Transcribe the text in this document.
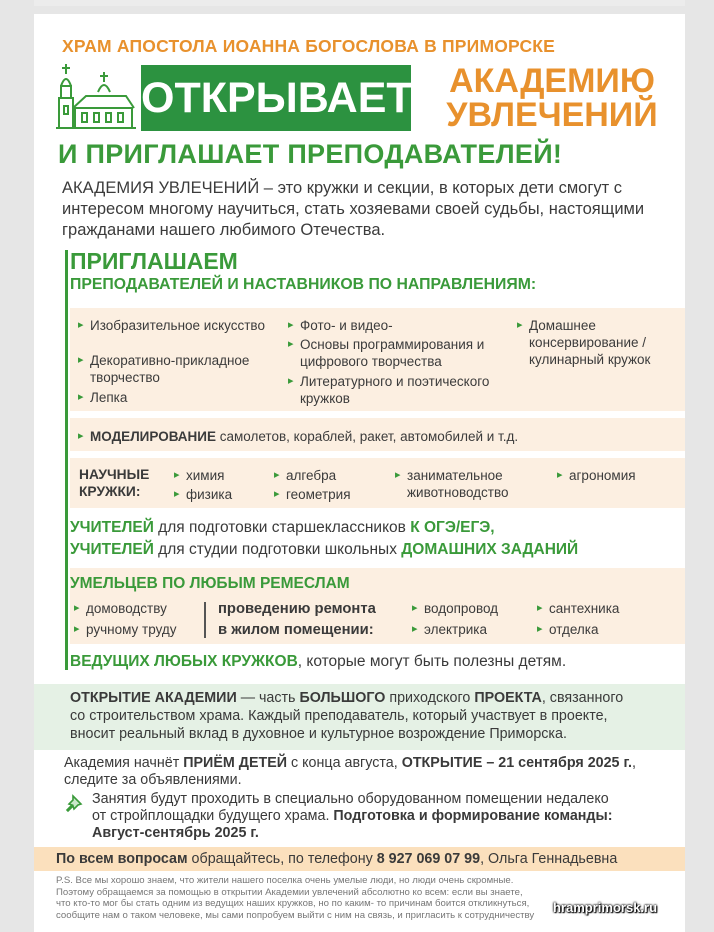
ХРАМ АПОСТОЛА ИОАННА БОГОСЛОВА В ПРИМОРСКЕ
ОТКРЫВАЕТ	АКАДЕМИЮ
УВЛЕЧЕНИЙ
И ПРИГЛАШАЕТ ПРЕПОДАВАТЕЛЕЙ!
АКАДЕМИЯ УВЛЕЧЕНИЙ – это кружки и секции, в которых дети смогут с интересом многому научиться, стать хозяевами своей судьбы, настоящими гражданами нашего любимого Отечества.
ПРИГЛАШАЕМ
ПРЕПОДАВАТЕЛЕЙ И НАСТАВНИКОВ ПО НАПРАВЛЕНИЯМ:
▸ Изобразительное искусство
▸ Декоративно-прикладное творчество
▸ Лепка
▸ Фото- и видео-
▸ Основы программирования и цифрового творчества
▸ Литературного и поэтического кружков
▸ Домашнее консервирование /кулинарный кружок
▸ МОДЕЛИРОВАНИЕ самолетов, кораблей, ракет, автомобилей и т.д.
НАУЧНЫЕ
КРУЖКИ:
▸ химия
▸ физика
▸ алгебра
▸ геометрия
▸ занимательное животноводство
▸ агрономия
УЧИТЕЛЕЙ для подготовки старшеклассников К ОГЭ/ЕГЭ,
УЧИТЕЛЕЙ для студии подготовки школьных ДОМАШНИХ ЗАДАНИЙ
УМЕЛЬЦЕВ ПО ЛЮБЫМ РЕМЕСЛАМ
▸ домоводству
▸ ручному труду
проведению ремонта
в жилом помещении:
▸ водопровод
▸ электрика
▸ сантехника
▸ отделка
ВЕДУЩИХ ЛЮБЫХ КРУЖКОВ, которые могут быть полезны детям.
ОТКРЫТИЕ АКАДЕМИИ — часть БОЛЬШОГО приходского ПРОЕКТА, связанного
со строительством храма. Каждый преподаватель, который участвует в проекте,
вносит реальный вклад в духовное и культурное возрождение Приморска.
Академия начнёт ПРИЁМ ДЕТЕЙ с конца августа, ОТКРЫТИЕ – 21 сентября 2025 г.,
следите за объявлениями.
Занятия будут проходить в специально оборудованном помещении недалеко
от стройплощадки будущего храма. Подготовка и формирование команды:
Август-сентябрь 2025 г.
По всем вопросам обращайтесь, по телефону 8 927 069 07 99, Ольга Геннадьевна
P.S. Все мы хорошо знаем, что жители нашего поселка очень умелые люди, но люди очень скромные.
Поэтому обращаемся за помощью в открытии Академии увлечений абсолютно ко всем: если вы знаете,
что кто-то мог бы стать одним из ведущих наших кружков, но по каким- то причинам боится откликнуться,
сообщите нам о таком человеке, мы сами попробуем выйти с ним на связь, и пригласить к сотрудничеству	hramprimorsk.ru
